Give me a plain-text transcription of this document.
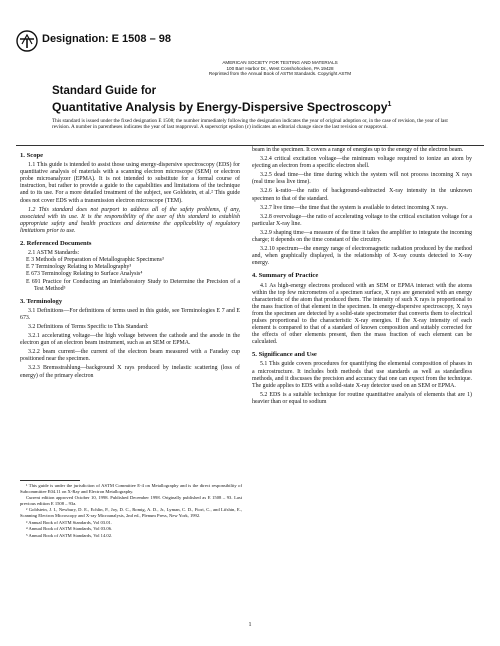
Designation: E 1508 – 98
AMERICAN SOCIETY FOR TESTING AND MATERIALS
100 Barr Harbor Dr., West Conshohocken, PA 19428
Reprinted from the Annual Book of ASTM Standards. Copyright ASTM
Standard Guide for
Quantitative Analysis by Energy-Dispersive Spectroscopy$^1$
This standard is issued under the fixed designation E 1508; the number immediately following the designation indicates the year of original adoption or, in the case of revision, the year of last revision. A number in parentheses indicates the year of last reapproval. A superscript epsilon (ε) indicates an editorial change since the last revision or reapproval.
1. Scope

1.1 This guide is intended to assist those using energy-dispersive spectroscopy (EDS) for quantitative analysis of materials with a scanning electron microscope (SEM) or electron probe microanalyzer (EPMA). It is not intended to substitute for a formal course of instruction, but rather to provide a guide to the capabilities and limitations of the technique and to its use. For a more detailed treatment of the subject, see Goldstein, et al.² This guide does not cover EDS with a transmission electron microscope (TEM).

1.2 This standard does not purport to address all of the safety problems, if any, associated with its use. It is the responsibility of the user of this standard to establish appropriate safety and health practices and determine the applicability of regulatory limitations prior to use.

2. Referenced Documents

2.1 ASTM Standards:

E 3 Methods of Preparation of Metallographic Specimens³

E 7 Terminology Relating to Metallography³

E 673 Terminology Relating to Surface Analysis⁴

E 691 Practice for Conducting an Interlaboratory Study to Determine the Precision of a Test Method⁵

3. Terminology

3.1 Definitions—For definitions of terms used in this guide, see Terminologies E 7 and E 673.

3.2 Definitions of Terms Specific to This Standard:

3.2.1 accelerating voltage—the high voltage between the cathode and the anode in the electron gun of an electron beam instrument, such as an SEM or EPMA.

3.2.2 beam current—the current of the electron beam measured with a Faraday cup positioned near the specimen.

3.2.3 Bremsstrahlung—background X rays produced by inelastic scattering (loss of energy) of the primary electron

¹ This guide is under the jurisdiction of ASTM Committee E-4 on Metallography and is the direct responsibility of Subcommittee E04.11 on X-Ray and Electron Metallography.

Current edition approved October 10, 1998. Published December 1998. Originally published as E 1508 – 93. Last previous edition E 1508 – 93a.

² Goldstein, J. I., Newbury, D. E., Echlin, P., Joy, D. C., Romig, A. D., Jr., Lyman, C. D., Fiori, C., and Lifshin, E., Scanning Electron Microscopy and X-ray Microanalysis, 2nd ed., Plenum Press, New York, 1992.

³ Annual Book of ASTM Standards, Vol 03.01.

⁴ Annual Book of ASTM Standards, Vol 03.06.

⁵ Annual Book of ASTM Standards, Vol 14.02.

beam in the specimen. It covers a range of energies up to the energy of the electron beam.

3.2.4 critical excitation voltage—the minimum voltage required to ionize an atom by ejecting an electron from a specific electron shell.

3.2.5 dead time—the time during which the system will not process incoming X rays (real time less live time).

3.2.6 k-ratio—the ratio of background-subtracted X-ray intensity in the unknown specimen to that of the standard.

3.2.7 live time—the time that the system is available to detect incoming X rays.

3.2.8 overvoltage—the ratio of accelerating voltage to the critical excitation voltage for a particular X-ray line.

3.2.9 shaping time—a measure of the time it takes the amplifier to integrate the incoming charge; it depends on the time constant of the circuitry.

3.2.10 spectrum—the energy range of electromagnetic radiation produced by the method and, when graphically displayed, is the relationship of X-ray counts detected to X-ray energy.

4. Summary of Practice

4.1 As high-energy electrons produced with an SEM or EPMA interact with the atoms within the top few micrometres of a specimen surface, X rays are generated with an energy characteristic of the atom that produced them. The intensity of such X rays is proportional to the mass fraction of that element in the specimen. In energy-dispersive spectroscopy, X rays from the specimen are detected by a solid-state spectrometer that converts them to electrical pulses proportional to the characteristic X-ray energies. If the X-ray intensity of each element is compared to that of a standard of known composition and suitably corrected for the effects of other elements present, then the mass fraction of each element can be calculated.

5. Significance and Use

5.1 This guide covers procedures for quantifying the elemental composition of phases in a microstructure. It includes both methods that use standards as well as standardless methods, and it discusses the precision and accuracy that one can expect from the technique. The guide applies to EDS with a solid-state X-ray detector used on an SEM or EPMA.

5.2 EDS is a suitable technique for routine quantitative analysis of elements that are 1) heavier than or equal to sodium

1
